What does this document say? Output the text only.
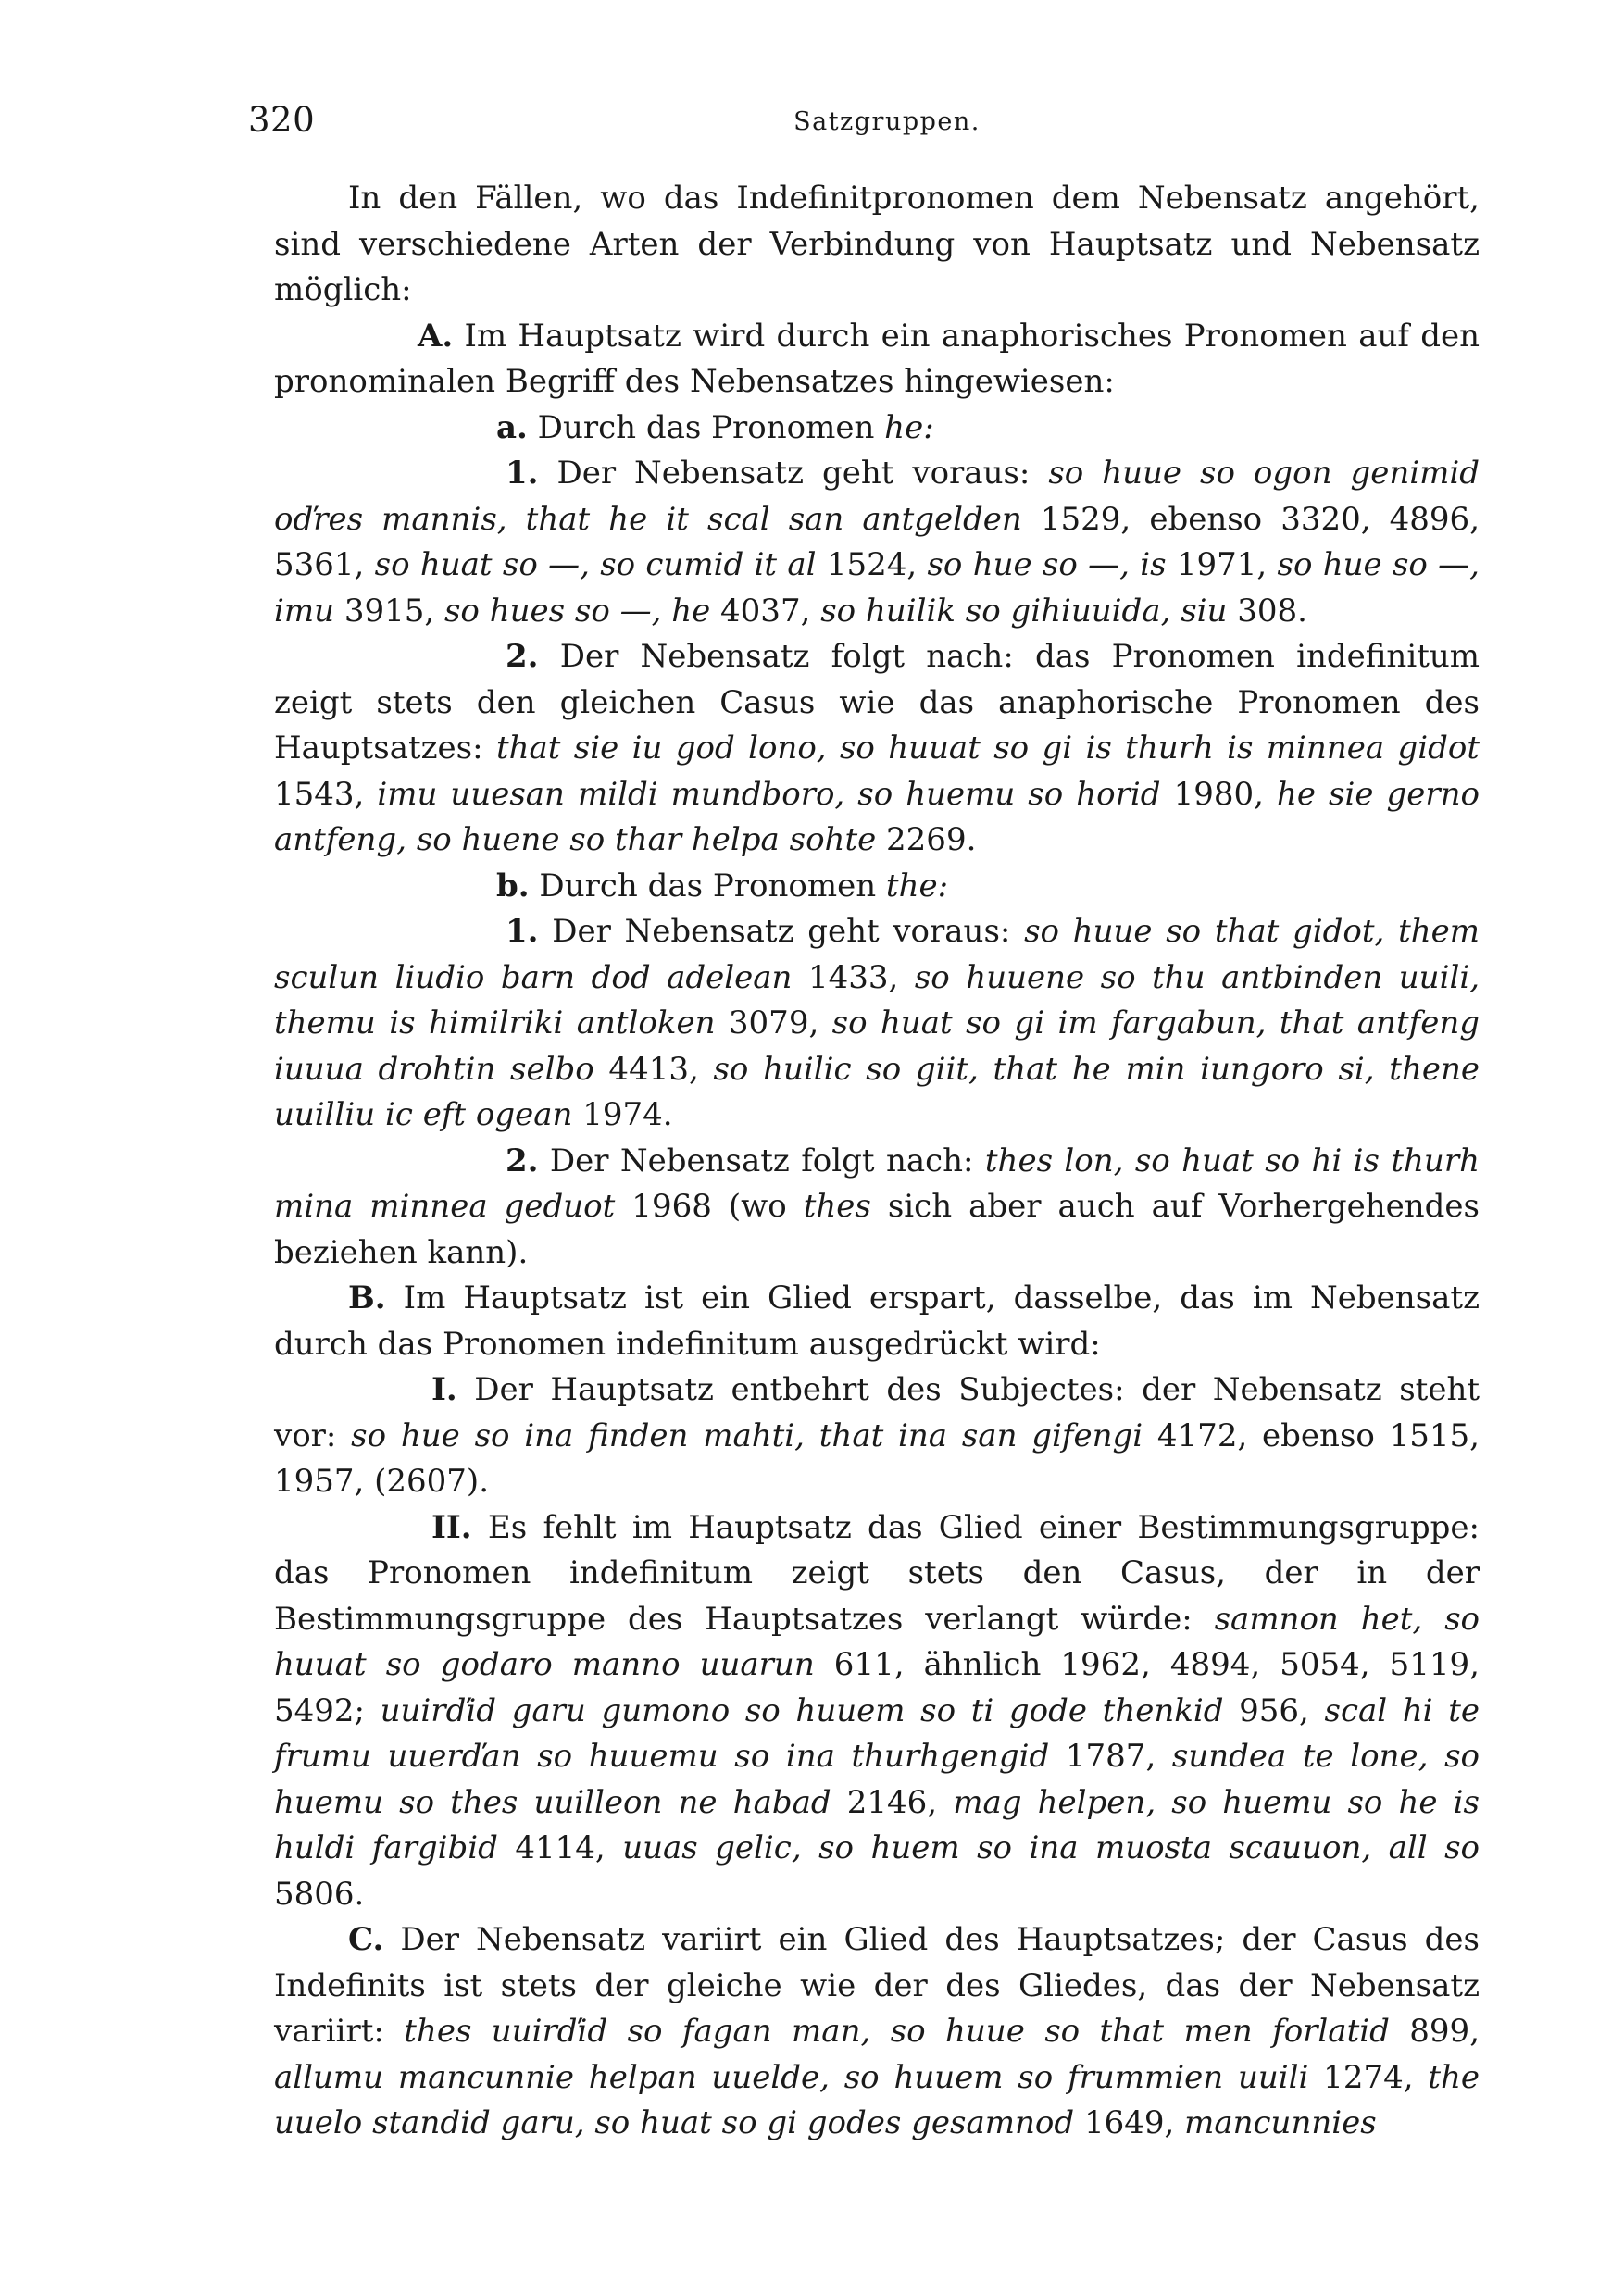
320	Satzgruppen.

In den Fällen, wo das Indefinitpronomen dem Nebensatz angehört, sind verschiedene Arten der Verbindung von Hauptsatz und Nebensatz möglich:

A. Im Hauptsatz wird durch ein anaphorisches Pronomen auf den pronominalen Begriff des Nebensatzes hingewiesen:

a. Durch das Pronomen he:

1. Der Nebensatz geht voraus: so huue so ogon genimid oďres mannis, that he it scal san antgelden 1529, ebenso 3320, 4896, 5361, so huat so —, so cumid it al 1524, so hue so —, is 1971, so hue so —, imu 3915, so hues so —, he 4037, so huilik so gihiuuida, siu 308.

2. Der Nebensatz folgt nach: das Pronomen indefinitum zeigt stets den gleichen Casus wie das anaphorische Pronomen des Hauptsatzes: that sie iu god lono, so huuat so gi is thurh is minnea gidot 1543, imu uuesan mildi mundboro, so huemu so horid 1980, he sie gerno antfeng, so huene so thar helpa sohte 2269.

b. Durch das Pronomen the:

1. Der Nebensatz geht voraus: so huue so that gidot, them sculun liudio barn dod adelean 1433, so huuene so thu antbinden uuili, themu is himilriki antloken 3079, so huat so gi im fargabun, that antfeng iuuua drohtin selbo 4413, so huilic so giit, that he min iungoro si, thene uuilliu ic eft ogean 1974.

2. Der Nebensatz folgt nach: thes lon, so huat so hi is thurh mina minnea geduot 1968 (wo thes sich aber auch auf Vorhergehendes beziehen kann).

B. Im Hauptsatz ist ein Glied erspart, dasselbe, das im Nebensatz durch das Pronomen indefinitum ausgedrückt wird:

I. Der Hauptsatz entbehrt des Subjectes: der Nebensatz steht vor: so hue so ina finden mahti, that ina san gifengi 4172, ebenso 1515, 1957, (2607).

II. Es fehlt im Hauptsatz das Glied einer Bestimmungsgruppe: das Pronomen indefinitum zeigt stets den Casus, der in der Bestimmungsgruppe des Hauptsatzes verlangt würde: samnon het, so huuat so godaro manno uuarun 611, ähnlich 1962, 4894, 5054, 5119, 5492; uuirďid garu gumono so huuem so ti gode thenkid 956, scal hi te frumu uuerďan so huuemu so ina thurhgengid 1787, sundea te lone, so huemu so thes uuilleon ne habad 2146, mag helpen, so huemu so he is huldi fargibid 4114, uuas gelic, so huem so ina muosta scauuon, all so 5806.

C. Der Nebensatz variirt ein Glied des Hauptsatzes; der Casus des Indefinits ist stets der gleiche wie der des Gliedes, das der Nebensatz variirt: thes uuirďid so fagan man, so huue so that men forlatid 899, allumu mancunnie helpan uuelde, so huuem so frummien uuili 1274, the uuelo standid garu, so huat so gi godes gesamnod 1649, mancunnies
